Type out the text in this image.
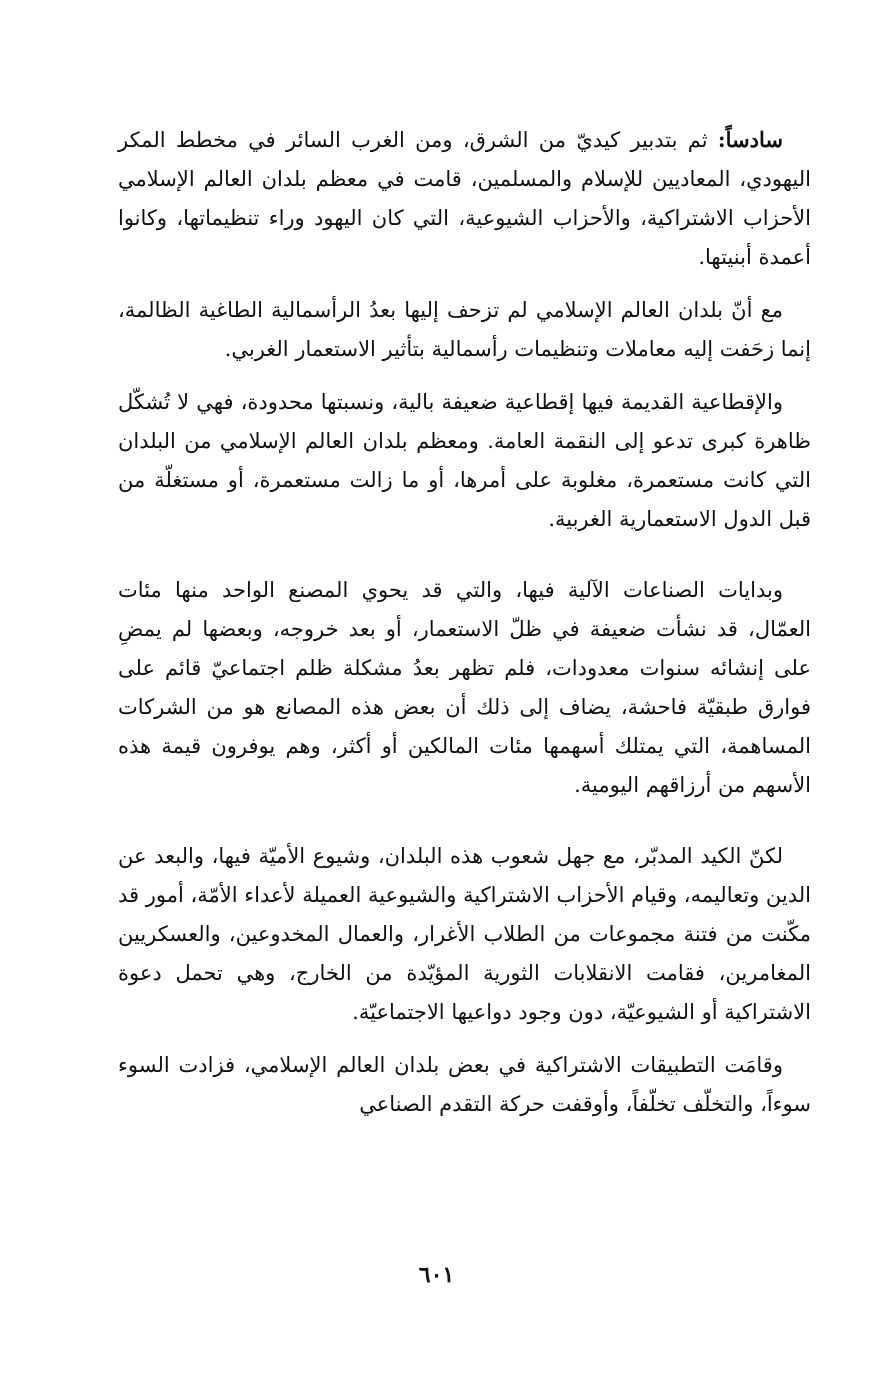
سادساً: ثم بتدبير كيديّ من الشرق، ومن الغرب السائر في مخطط المكر اليهودي، المعاديين للإسلام والمسلمين، قامت في معظم بلدان العالم الإسلامي الأحزاب الاشتراكية، والأحزاب الشيوعية، التي كان اليهود وراء تنظيماتها، وكانوا أعمدة أبنيتها.

مع أنّ بلدان العالم الإسلامي لم تزحف إليها بعدُ الرأسمالية الطاغية الظالمة، إنما زحَفت إليه معاملات وتنظيمات رأسمالية بتأثير الاستعمار الغربي.

والإقطاعية القديمة فيها إقطاعية ضعيفة بالية، ونسبتها محدودة، فهي لا تُشكّل ظاهرة كبرى تدعو إلى النقمة العامة. ومعظم بلدان العالم الإسلامي من البلدان التي كانت مستعمرة، مغلوبة على أمرها، أو ما زالت مستعمرة، أو مستغلّة من قبل الدول الاستعمارية الغربية.

وبدايات الصناعات الآلية فيها، والتي قد يحوي المصنع الواحد منها مئات العمّال، قد نشأت ضعيفة في ظلّ الاستعمار، أو بعد خروجه، وبعضها لم يمضِ على إنشائه سنوات معدودات، فلم تظهر بعدُ مشكلة ظلم اجتماعيّ قائم على فوارق طبقيّة فاحشة، يضاف إلى ذلك أن بعض هذه المصانع هو من الشركات المساهمة، التي يمتلك أسهمها مئات المالكين أو أكثر، وهم يوفرون قيمة هذه الأسهم من أرزاقهم اليومية.

لكنّ الكيد المدبّر، مع جهل شعوب هذه البلدان، وشيوع الأميّة فيها، والبعد عن الدين وتعاليمه، وقيام الأحزاب الاشتراكية والشيوعية العميلة لأعداء الأمّة، أمور قد مكّنت من فتنة مجموعات من الطلاب الأغرار، والعمال المخدوعين، والعسكريين المغامرين، فقامت الانقلابات الثورية المؤيّدة من الخارج، وهي تحمل دعوة الاشتراكية أو الشيوعيّة، دون وجود دواعيها الاجتماعيّة.

وقامَت التطبيقات الاشتراكية في بعض بلدان العالم الإسلامي، فزادت السوء سوءاً، والتخلّف تخلّفاً، وأوقفت حركة التقدم الصناعي

٦٠١
